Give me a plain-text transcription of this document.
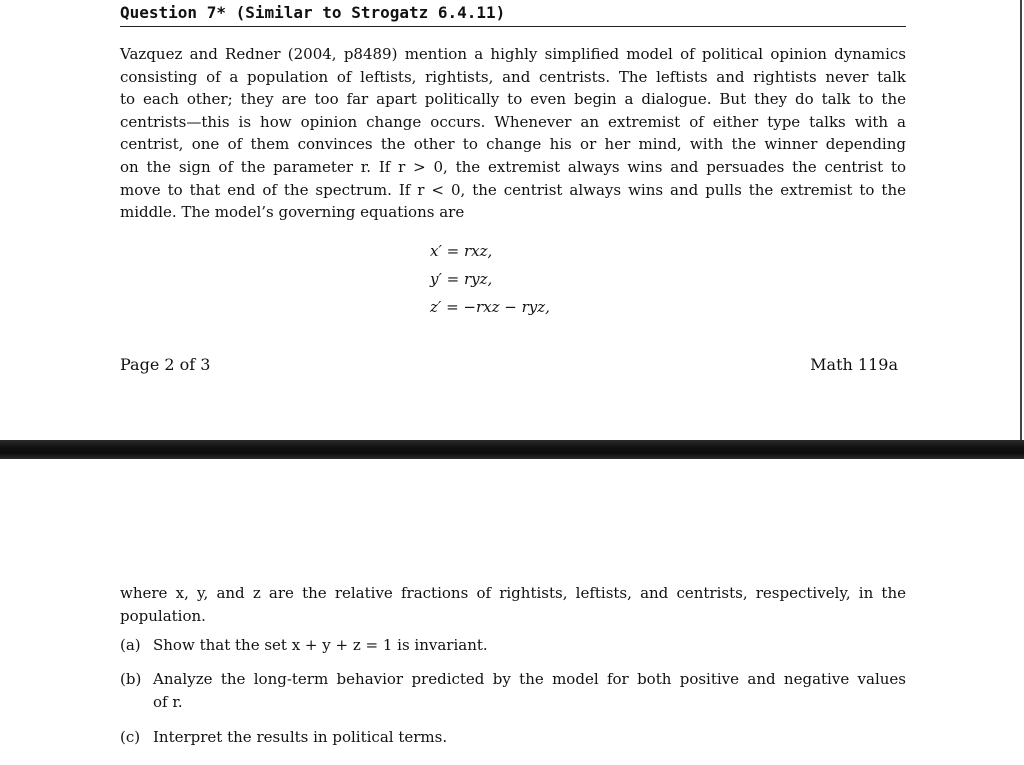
Question 7* (Similar to Strogatz 6.4.11)
Vazquez and Redner (2004, p8489) mention a highly simplified model of political opinion dynamics
consisting of a population of leftists, rightists, and centrists. The leftists and rightists never talk
to each other; they are too far apart politically to even begin a dialogue. But they do talk to the
centrists—this is how opinion change occurs. Whenever an extremist of either type talks with a
centrist, one of them convinces the other to change his or her mind, with the winner depending
on the sign of the parameter r. If r > 0, the extremist always wins and persuades the centrist to
move to that end of the spectrum. If r < 0, the centrist always wins and pulls the extremist to the
middle. The model’s governing equations are
x′ = rxz,
y′ = ryz,
z′ = −rxz − ryz,
Page 2 of 3	Math 119a
where x, y, and z are the relative fractions of rightists, leftists, and centrists, respectively, in the
population.
(a) Show that the set x + y + z = 1 is invariant.
(b) Analyze the long-term behavior predicted by the model for both positive and negative values
of r.
(c) Interpret the results in political terms.
